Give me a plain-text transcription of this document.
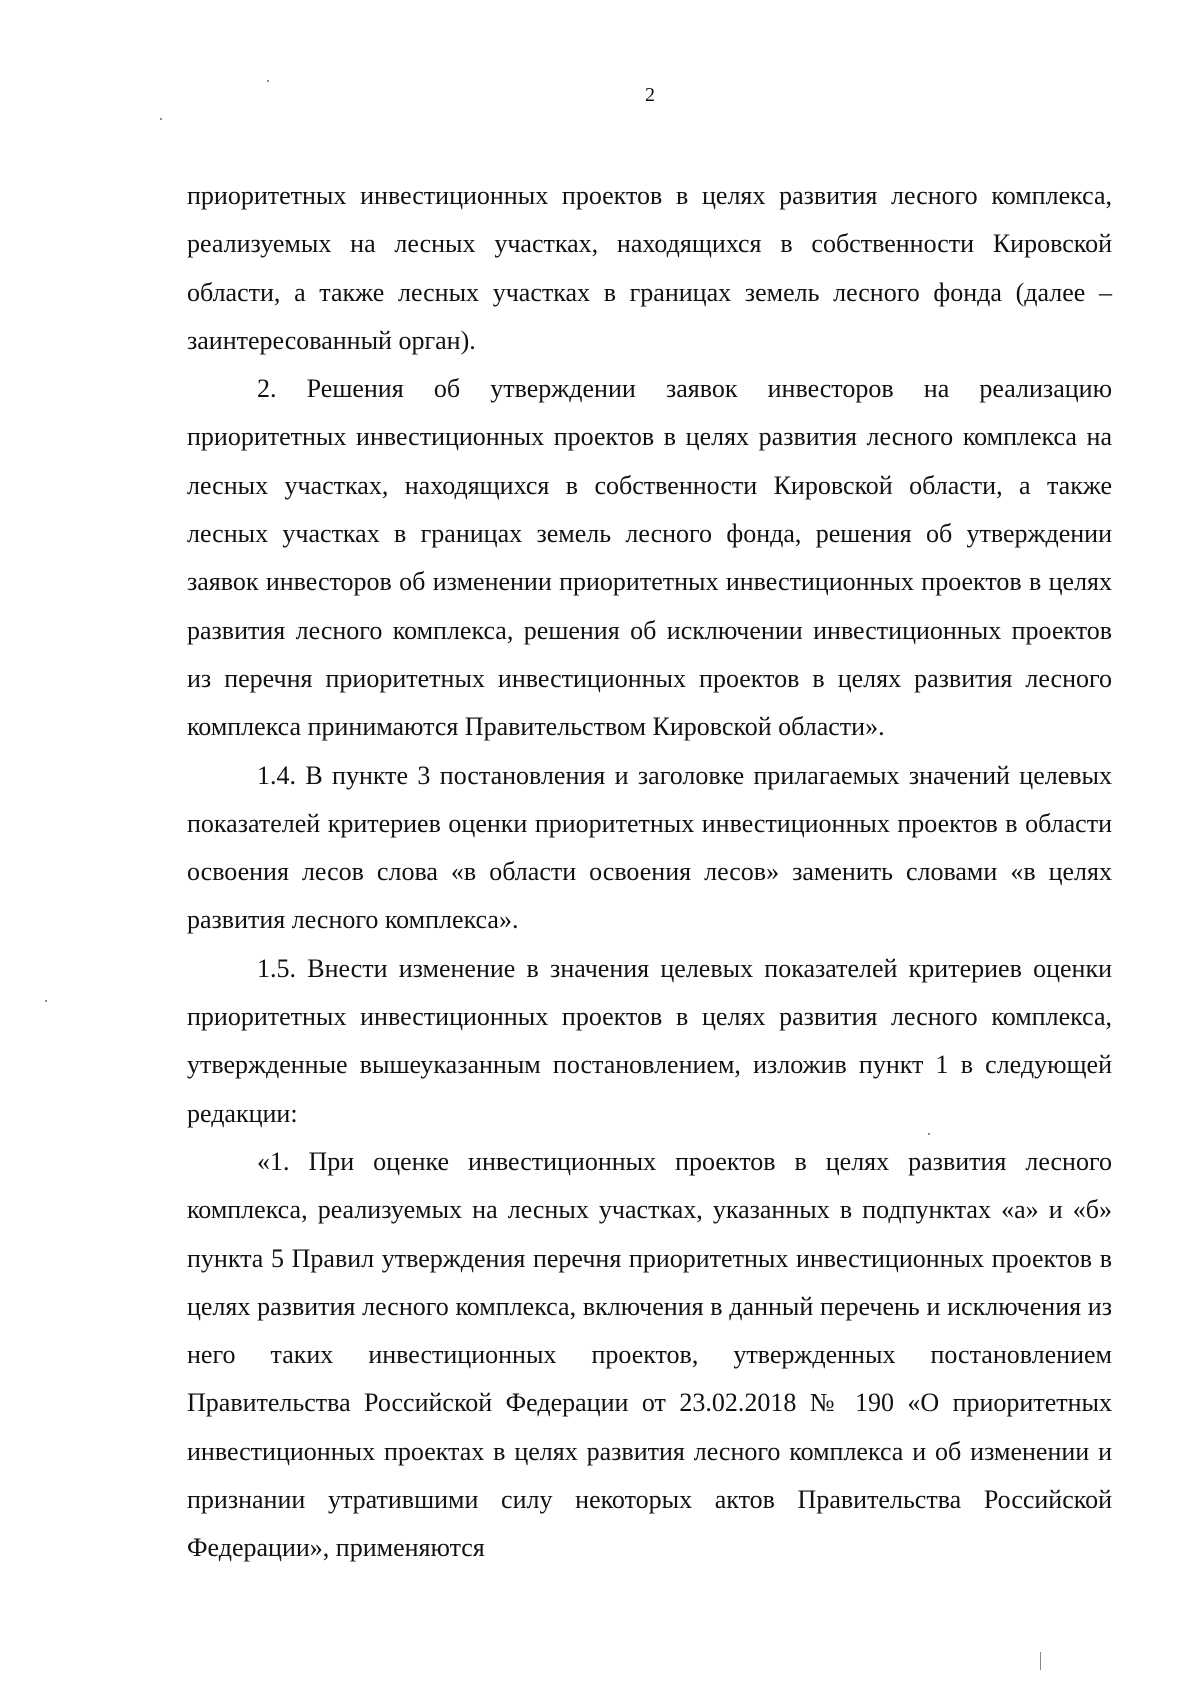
2

приоритетных инвестиционных проектов в целях развития лесного комплекса, реализуемых на лесных участках, находящихся в собственности Кировской области, а также лесных участках в границах земель лесного фонда (далее – заинтересованный орган).

2. Решения об утверждении заявок инвесторов на реализацию приоритетных инвестиционных проектов в целях развития лесного комплекса на лесных участках, находящихся в собственности Кировской области, а также лесных участках в границах земель лесного фонда, решения об утверждении заявок инвесторов об изменении приоритетных инвестиционных проектов в целях развития лесного комплекса, решения об исключении инвестиционных проектов из перечня приоритетных инвестиционных проектов в целях развития лесного комплекса принимаются Правительством Кировской области».

1.4. В пункте 3 постановления и заголовке прилагаемых значений целевых показателей критериев оценки приоритетных инвестиционных проектов в области освоения лесов слова «в области освоения лесов» заменить словами «в целях развития лесного комплекса».

1.5. Внести изменение в значения целевых показателей критериев оценки приоритетных инвестиционных проектов в целях развития лесного комплекса, утвержденные вышеуказанным постановлением, изложив пункт 1 в следующей редакции:

«1. При оценке инвестиционных проектов в целях развития лесного комплекса, реализуемых на лесных участках, указанных в подпунктах «а» и «б» пункта 5 Правил утверждения перечня приоритетных инвестиционных проектов в целях развития лесного комплекса, включения в данный перечень и исключения из него таких инвестиционных проектов, утвержденных постановлением Правительства Российской Федерации от 23.02.2018 № 190 «О приоритетных инвестиционных проектах в целях развития лесного комплекса и об изменении и признании утратившими силу некоторых актов Правительства Российской Федерации», применяются
